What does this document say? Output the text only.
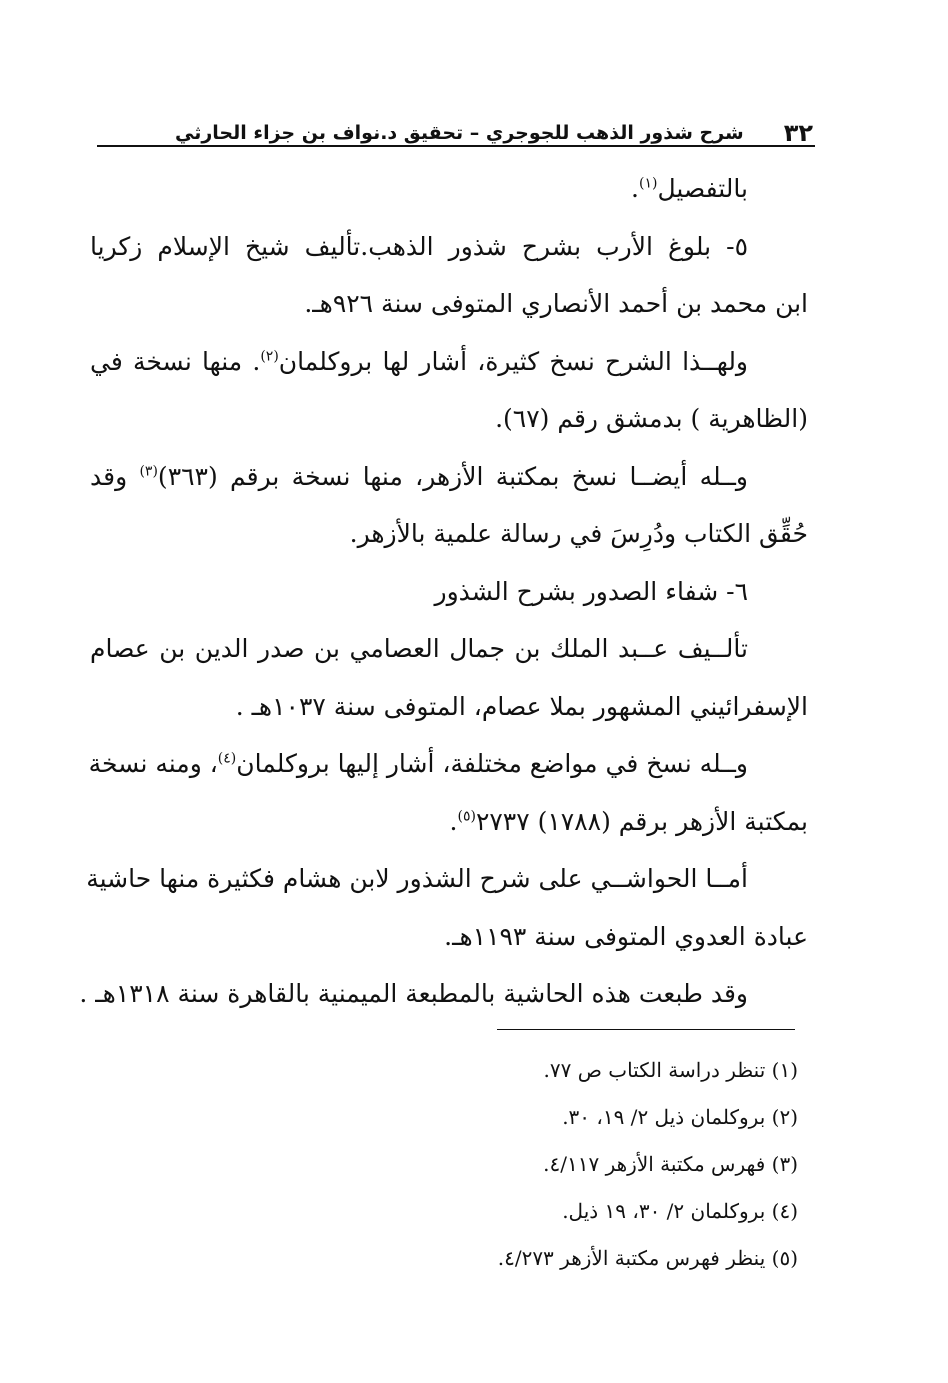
٣٢
شرح شذور الذهب للجوجري – تحقيق د.نواف بن جزاء الحارثي
بالتفصيل$^{(١)}$.
٥- بلوغ الأرب بشرح شذور الذهب.تأليف شيخ الإسلام زكريا
ابن محمد بن أحمد الأنصاري المتوفى سنة ٩٢٦هـ.
ولهــذا الشرح نسخ كثيرة، أشار لها بروكلمان$^{(٢)}$. منها نسخة في
(الظاهرية ) بدمشق رقم (٦٧).
وــله أيضــا نسخ بمكتبة الأزهر، منها نسخة برقم (٣٦٣)$^{(٣)}$ وقد
حُقِّق الكتاب ودُرِسَ في رسالة علمية بالأزهر.
٦- شفاء الصدور بشرح الشذور
تألــيف عــبد الملك بن جمال العصامي بن صدر الدين بن عصام
الإسفرائيني المشهور بملا عصام، المتوفى سنة ١٠٣٧هـ .
وــله نسخ في مواضع مختلفة، أشار إليها بروكلمان$^{(٤)}$، ومنه نسخة
بمكتبة الأزهر برقم (١٧٨٨) ٢٧٣٧$^{(٥)}$.
أمــا الحواشــي على شرح الشذور لابن هشام فكثيرة منها حاشية
عبادة العدوي المتوفى سنة ١١٩٣هـ.
وقد طبعت هذه الحاشية بالمطبعة الميمنية بالقاهرة سنة ١٣١٨هـ .
(١) تنظر دراسة الكتاب ص ٧٧.
(٢) بروكلمان ذيل ٢/ ١٩، ٣٠.
(٣) فهرس مكتبة الأزهر ٤/١١٧.
(٤) بروكلمان ٢/ ٣٠، ١٩ ذيل.
(٥) ينظر فهرس مكتبة الأزهر ٤/٢٧٣.
